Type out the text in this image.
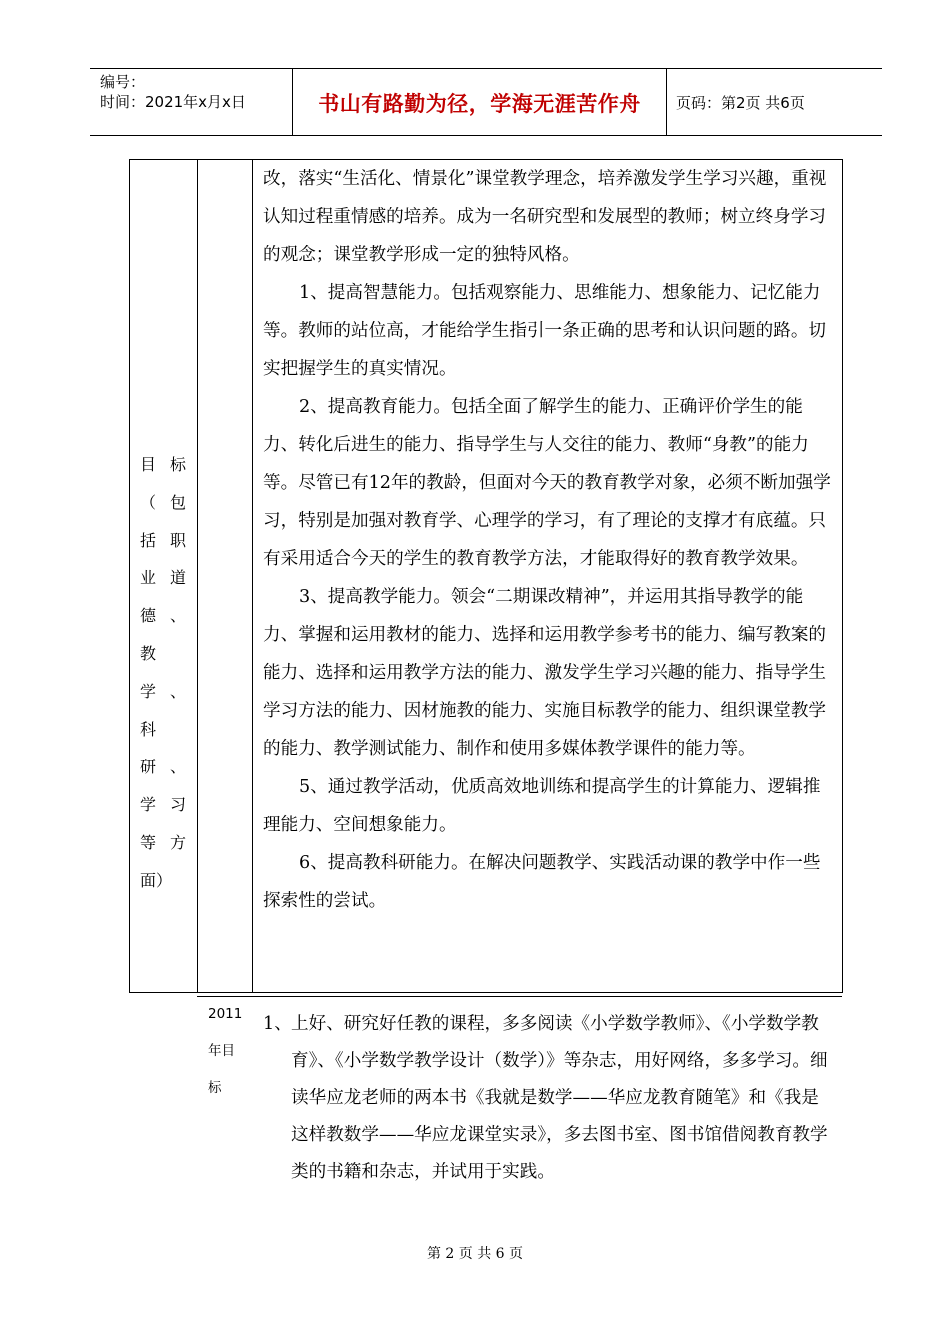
编号：
时间：2021年x月x日	书山有路勤为径，学海无涯苦作舟	页码：第2页 共6页
目 标
（ 包
括 职
业 道
德 、
教
学 、
科
研 、
学 习
等 方
面）

改，落实“生活化、情景化”课堂教学理念，培养激发学生学习兴趣，重视认知过程重情感的培养。成为一名研究型和发展型的教师；树立终身学习的观念；课堂教学形成一定的独特风格。

1、提高智慧能力。包括观察能力、思维能力、想象能力、记忆能力等。教师的站位高，才能给学生指引一条正确的思考和认识问题的路。切实把握学生的真实情况。

2、提高教育能力。包括全面了解学生的能力、正确评价学生的能力、转化后进生的能力、指导学生与人交往的能力、教师“身教”的能力等。尽管已有12年的教龄，但面对今天的教育教学对象，必须不断加强学习，特别是加强对教育学、心理学的学习，有了理论的支撑才有底蕴。只有采用适合今天的学生的教育教学方法，才能取得好的教育教学效果。

3、提高教学能力。领会“二期课改精神”，并运用其指导教学的能力、掌握和运用教材的能力、选择和运用教学参考书的能力、编写教案的能力、选择和运用教学方法的能力、激发学生学习兴趣的能力、指导学生学习方法的能力、因材施教的能力、实施目标教学的能力、组织课堂教学的能力、教学测试能力、制作和使用多媒体教学课件的能力等。

5、通过教学活动，优质高效地训练和提高学生的计算能力、逻辑推理能力、空间想象能力。

6、提高教科研能力。在解决问题教学、实践活动课的教学中作一些探索性的尝试。

2011
年目
标
1、 上好、研究好任教的课程，多多阅读《小学数学教师》、《小学数学教育》、《小学数学教学设计（数学）》等杂志，用好网络，多多学习。细读华应龙老师的两本书《我就是数学——华应龙教育随笔》和《我是这样教数学——华应龙课堂实录》，多去图书室、图书馆借阅教育教学类的书籍和杂志，并试用于实践。
第 2 页 共 6 页
